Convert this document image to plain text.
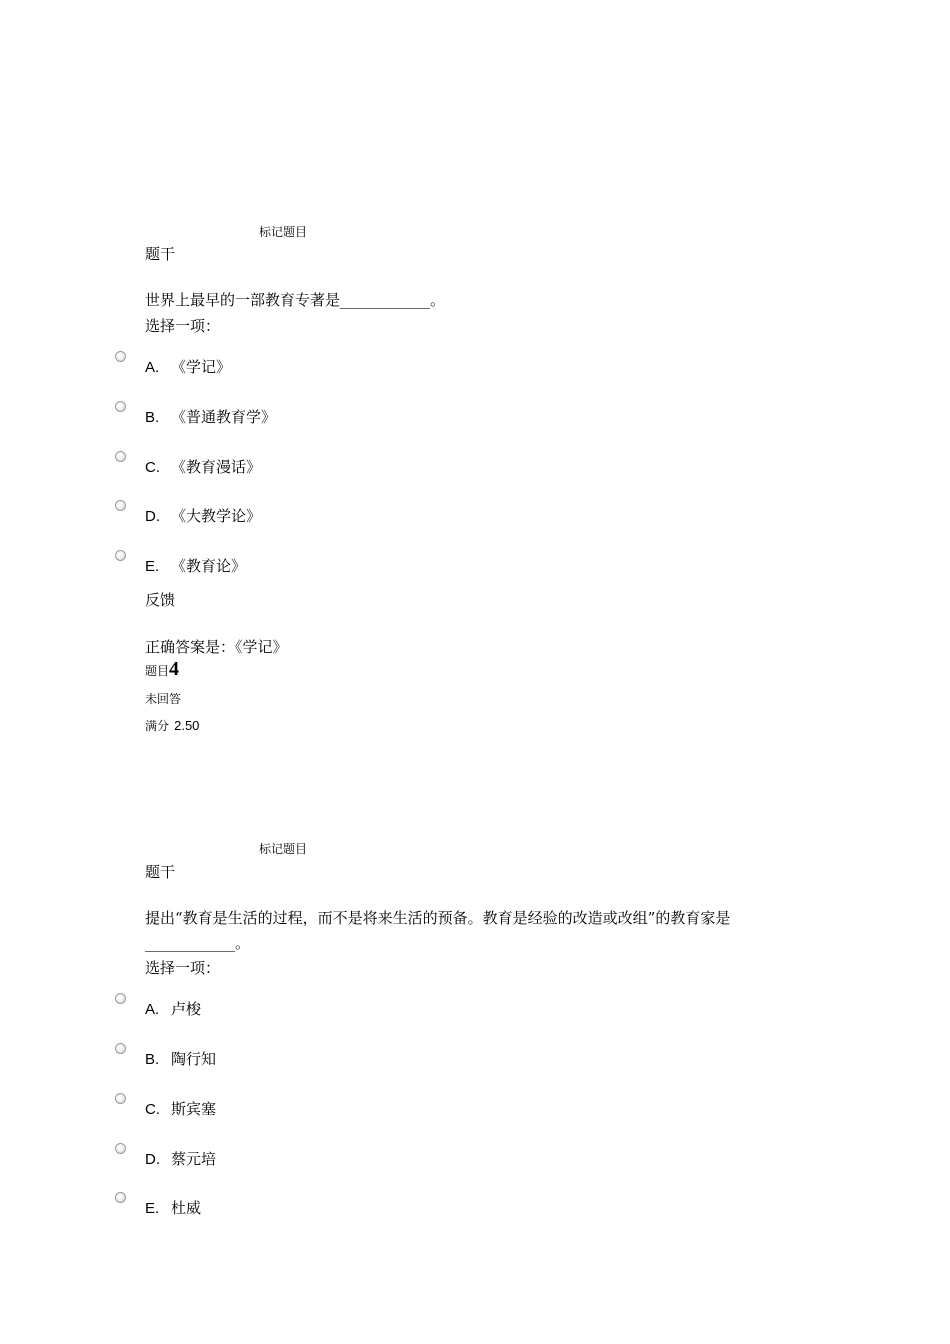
标记题目
题干
世界上最早的一部教育专著是____________。
选择一项：
A. 《学记》
B. 《普通教育学》
C. 《教育漫话》
D. 《大教学论》
E. 《教育论》
反馈
正确答案是：《学记》
题目4
未回答
满分 2.50
标记题目
题干
提出“教育是生活的过程，而不是将来生活的预备。教育是经验的改造或改组”的教育家是
____________。
选择一项：
A. 卢梭
B. 陶行知
C. 斯宾塞
D. 蔡元培
E. 杜威
